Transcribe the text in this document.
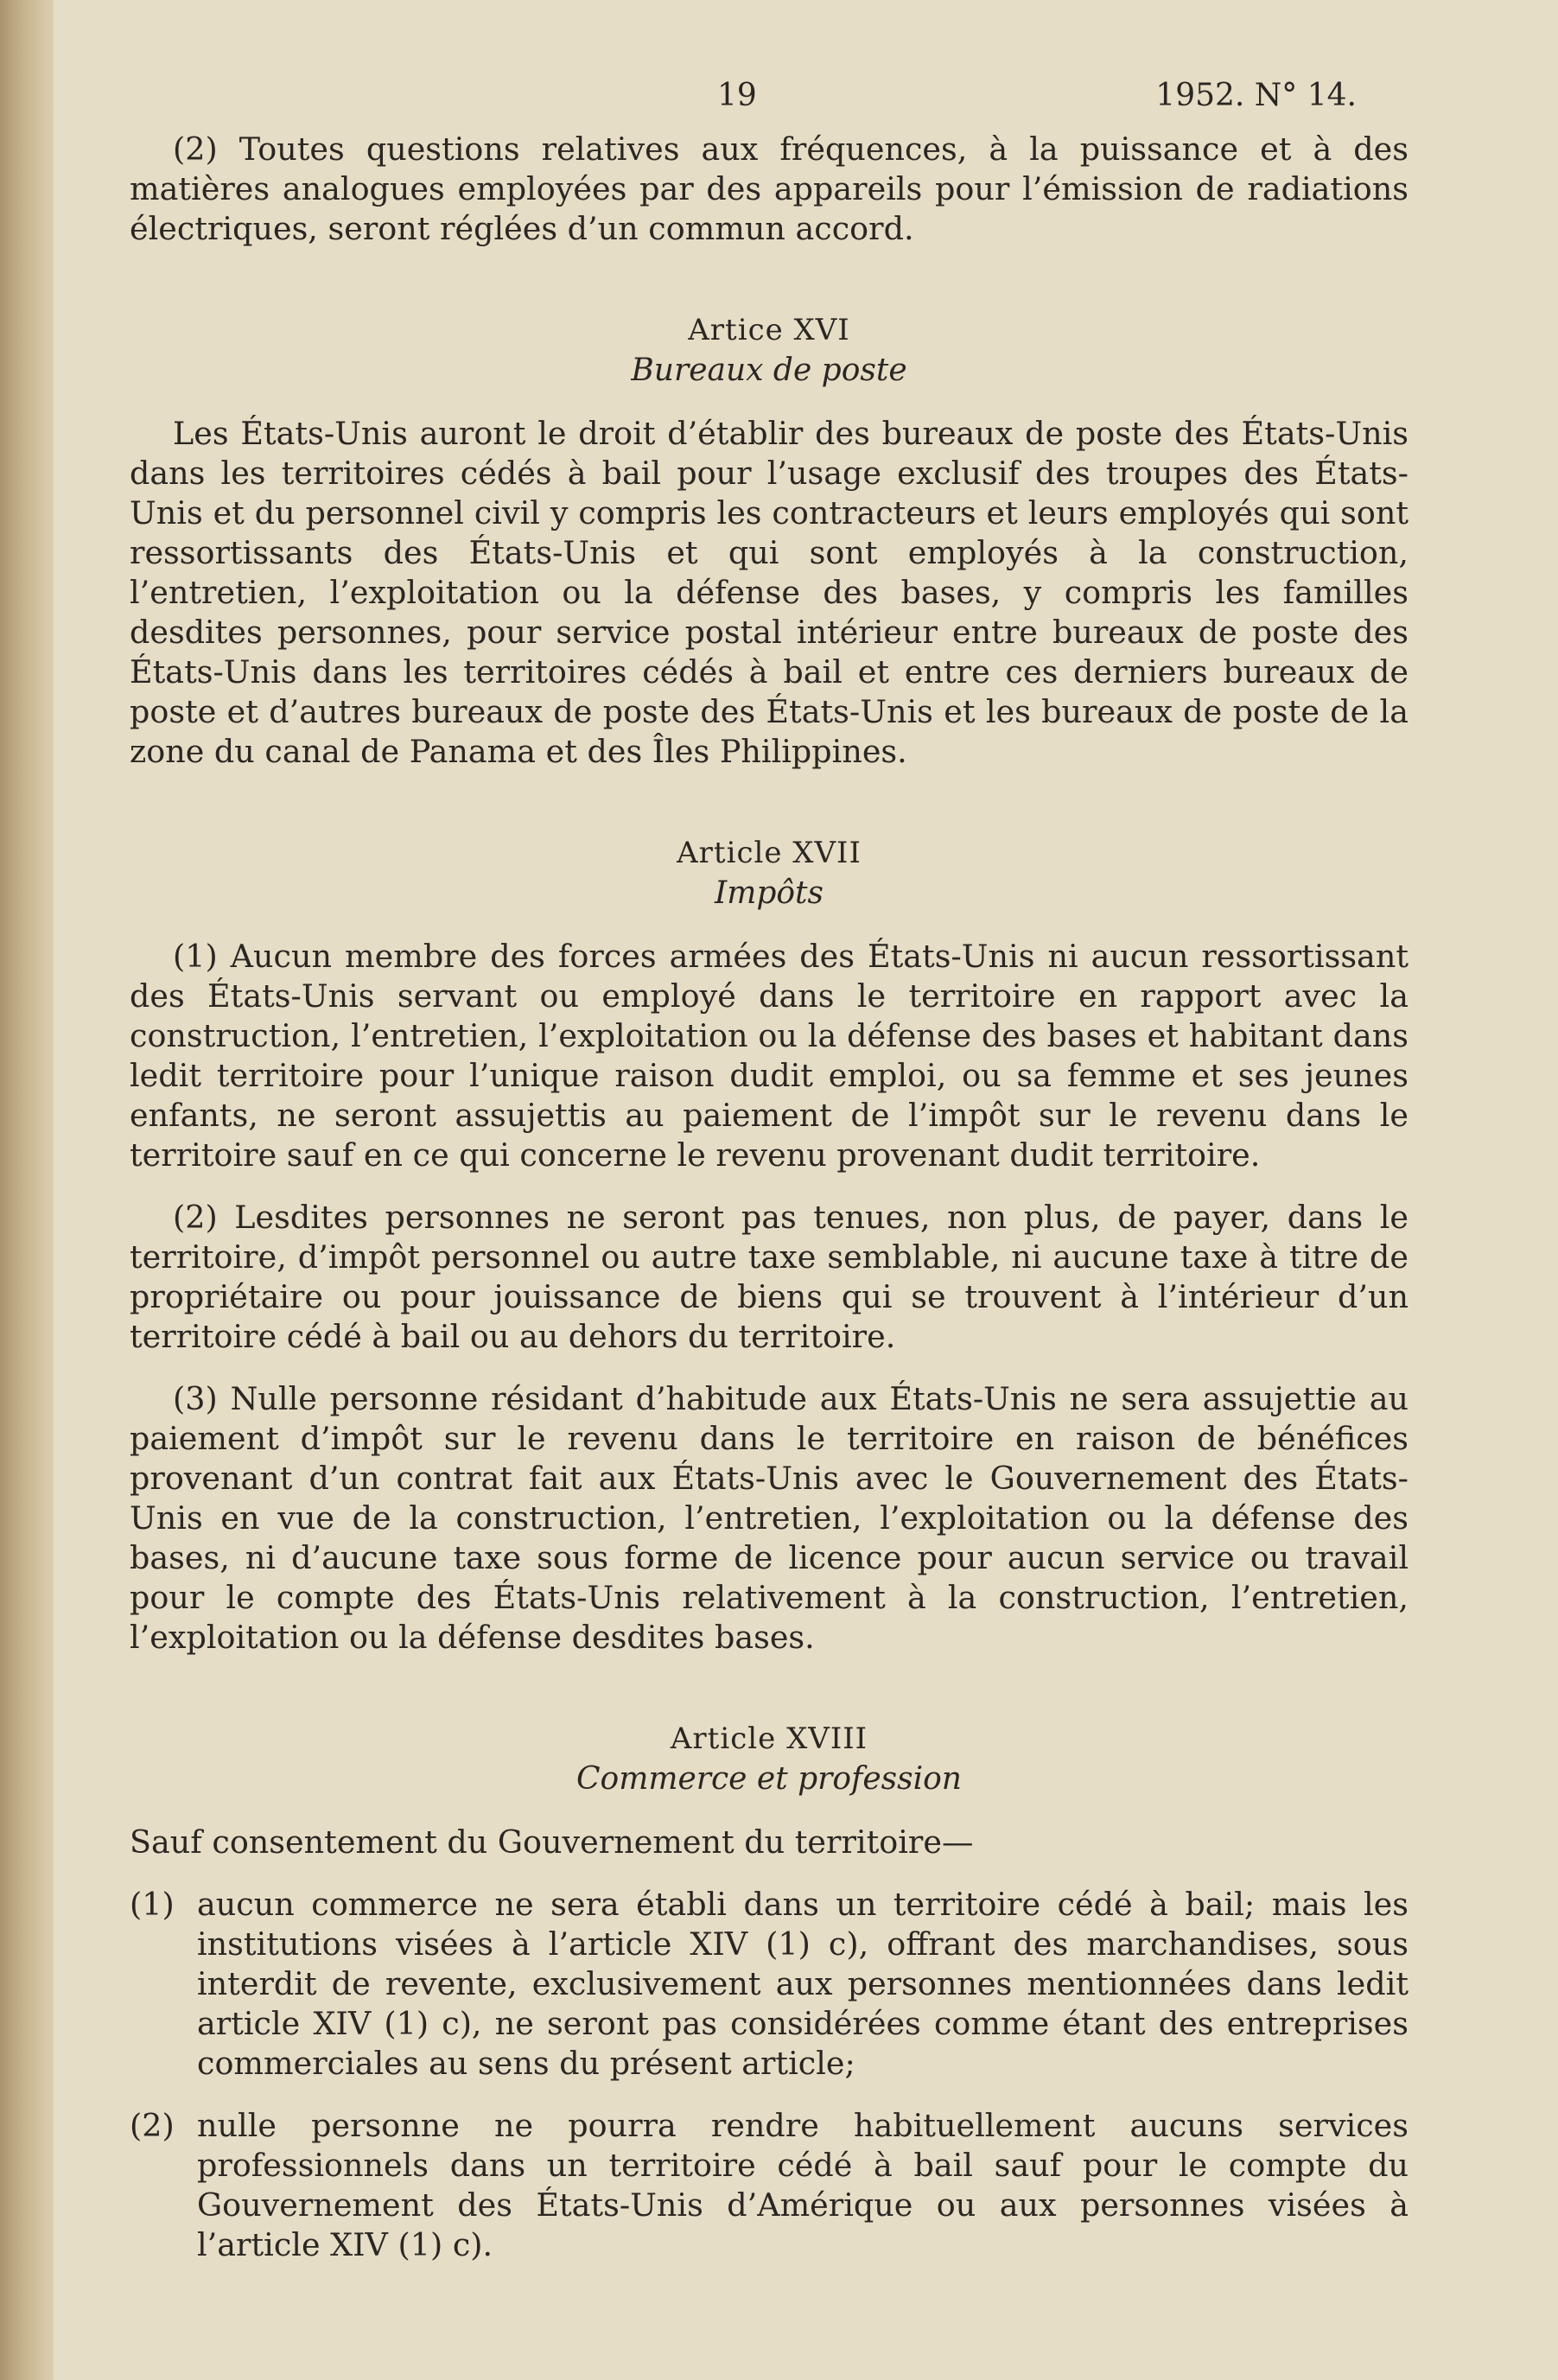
19	1952. N° 14.

(2) Toutes questions relatives aux fréquences, à la puissance et à des matières analogues employées par des appareils pour l’émission de radiations électriques, seront réglées d’un commun accord.

Artice XVI
Bureaux de poste

Les États-Unis auront le droit d’établir des bureaux de poste des États-Unis dans les territoires cédés à bail pour l’usage exclusif des troupes des États-Unis et du personnel civil y compris les contracteurs et leurs employés qui sont ressortissants des États-Unis et qui sont employés à la construction, l’entretien, l’exploitation ou la défense des bases, y compris les familles desdites personnes, pour service postal intérieur entre bureaux de poste des États-Unis dans les territoires cédés à bail et entre ces derniers bureaux de poste et d’autres bureaux de poste des États-Unis et les bureaux de poste de la zone du canal de Panama et des Îles Philippines.

Article XVII
Impôts

(1) Aucun membre des forces armées des États-Unis ni aucun ressortissant des États-Unis servant ou employé dans le territoire en rapport avec la construction, l’entretien, l’exploitation ou la défense des bases et habitant dans ledit territoire pour l’unique raison dudit emploi, ou sa femme et ses jeunes enfants, ne seront assujettis au paiement de l’impôt sur le revenu dans le territoire sauf en ce qui concerne le revenu provenant dudit territoire.

(2) Lesdites personnes ne seront pas tenues, non plus, de payer, dans le territoire, d’impôt personnel ou autre taxe semblable, ni aucune taxe à titre de propriétaire ou pour jouissance de biens qui se trouvent à l’intérieur d’un territoire cédé à bail ou au dehors du territoire.

(3) Nulle personne résidant d’habitude aux États-Unis ne sera assujettie au paiement d’impôt sur le revenu dans le territoire en raison de bénéfices provenant d’un contrat fait aux États-Unis avec le Gouvernement des États-Unis en vue de la construction, l’entretien, l’exploitation ou la défense des bases, ni d’aucune taxe sous forme de licence pour aucun service ou travail pour le compte des États-Unis relativement à la construction, l’entretien, l’exploitation ou la défense desdites bases.

Article XVIII
Commerce et profession

Sauf consentement du Gouvernement du territoire—

(1) aucun commerce ne sera établi dans un territoire cédé à bail; mais les institutions visées à l’article XIV (1) c), offrant des marchandises, sous interdit de revente, exclusivement aux personnes mentionnées dans ledit article XIV (1) c), ne seront pas considérées comme étant des entreprises commerciales au sens du présent article;
(2) nulle personne ne pourra rendre habituellement aucuns services professionnels dans un territoire cédé à bail sauf pour le compte du Gouvernement des États-Unis d’Amérique ou aux personnes visées à l’article XIV (1) c).
